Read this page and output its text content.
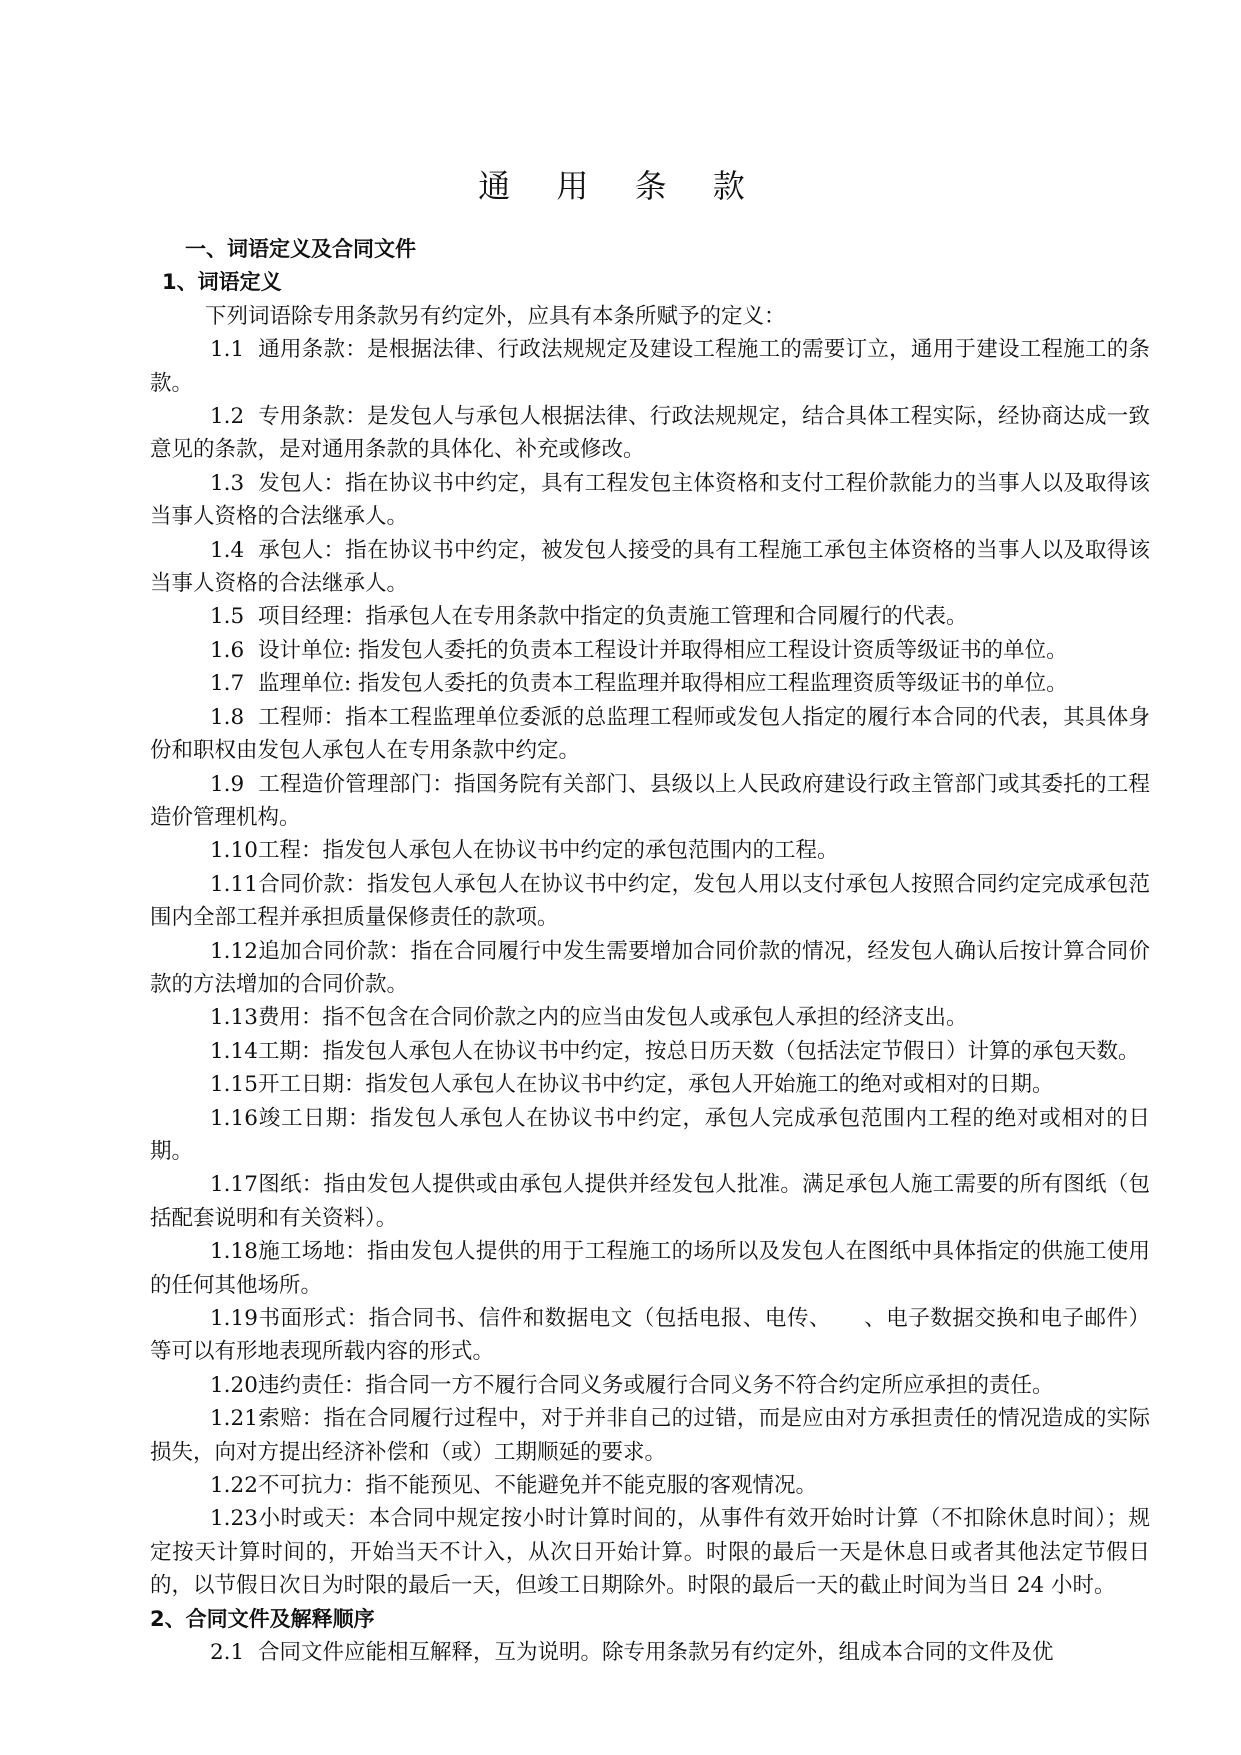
通 用 条 款

一、词语定义及合同文件

1、词语定义

下列词语除专用条款另有约定外，应具有本条所赋予的定义：

1.1 通用条款：是根据法律、行政法规规定及建设工程施工的需要订立，通用于建设工程施工的条款。

1.2 专用条款：是发包人与承包人根据法律、行政法规规定，结合具体工程实际，经协商达成一致意见的条款，是对通用条款的具体化、补充或修改。

1.3 发包人：指在协议书中约定，具有工程发包主体资格和支付工程价款能力的当事人以及取得该当事人资格的合法继承人。

1.4 承包人：指在协议书中约定，被发包人接受的具有工程施工承包主体资格的当事人以及取得该当事人资格的合法继承人。

1.5 项目经理：指承包人在专用条款中指定的负责施工管理和合同履行的代表。

1.6 设计单位: 指发包人委托的负责本工程设计并取得相应工程设计资质等级证书的单位。

1.7 监理单位: 指发包人委托的负责本工程监理并取得相应工程监理资质等级证书的单位。

1.8 工程师：指本工程监理单位委派的总监理工程师或发包人指定的履行本合同的代表，其具体身份和职权由发包人承包人在专用条款中约定。

1.9 工程造价管理部门：指国务院有关部门、县级以上人民政府建设行政主管部门或其委托的工程造价管理机构。

1.10工程：指发包人承包人在协议书中约定的承包范围内的工程。

1.11合同价款：指发包人承包人在协议书中约定，发包人用以支付承包人按照合同约定完成承包范围内全部工程并承担质量保修责任的款项。

1.12追加合同价款：指在合同履行中发生需要增加合同价款的情况，经发包人确认后按计算合同价款的方法增加的合同价款。

1.13费用：指不包含在合同价款之内的应当由发包人或承包人承担的经济支出。

1.14工期：指发包人承包人在协议书中约定，按总日历天数（包括法定节假日）计算的承包天数。

1.15开工日期：指发包人承包人在协议书中约定，承包人开始施工的绝对或相对的日期。

1.16竣工日期：指发包人承包人在协议书中约定，承包人完成承包范围内工程的绝对或相对的日期。

1.17图纸：指由发包人提供或由承包人提供并经发包人批准。满足承包人施工需要的所有图纸（包括配套说明和有关资料）。

1.18施工场地：指由发包人提供的用于工程施工的场所以及发包人在图纸中具体指定的供施工使用的任何其他场所。

1.19书面形式：指合同书、信件和数据电文（包括电报、电传、　　、电子数据交换和电子邮件）等可以有形地表现所载内容的形式。

1.20违约责任：指合同一方不履行合同义务或履行合同义务不符合约定所应承担的责任。

1.21索赔：指在合同履行过程中，对于并非自己的过错，而是应由对方承担责任的情况造成的实际损失，向对方提出经济补偿和（或）工期顺延的要求。

1.22不可抗力：指不能预见、不能避免并不能克服的客观情况。

1.23小时或天：本合同中规定按小时计算时间的，从事件有效开始时计算（不扣除休息时间）；规定按天计算时间的，开始当天不计入，从次日开始计算。时限的最后一天是休息日或者其他法定节假日的，以节假日次日为时限的最后一天，但竣工日期除外。时限的最后一天的截止时间为当日 24 小时。

2、合同文件及解释顺序

2.1 合同文件应能相互解释，互为说明。除专用条款另有约定外，组成本合同的文件及优
